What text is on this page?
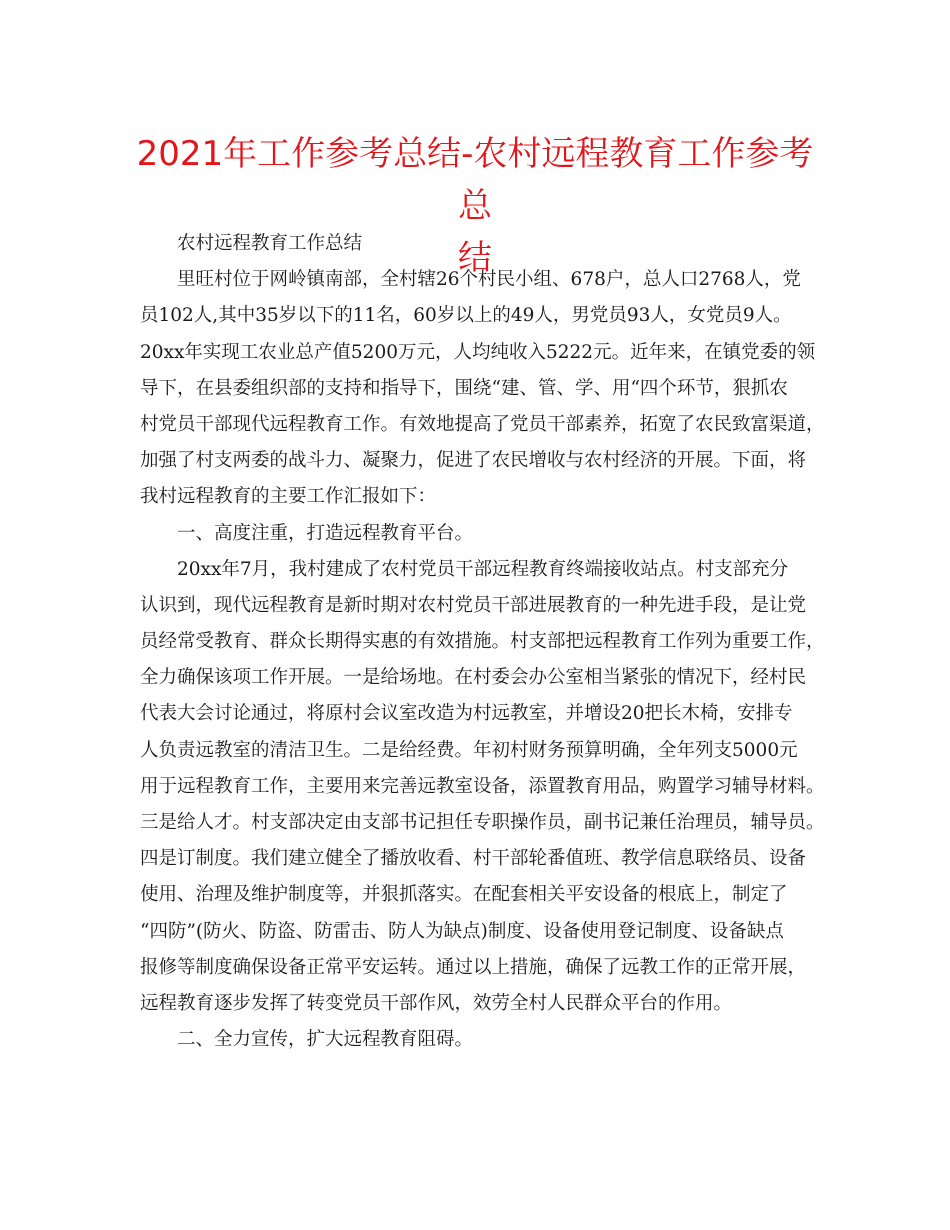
2021年工作参考总结-农村远程教育工作参考总
结
农村远程教育工作总结
里旺村位于网岭镇南部，全村辖26个村民小组、678户，总人口2768人，党
员102人,其中35岁以下的11名，60岁以上的49人，男党员93人，女党员9人。
20xx年实现工农业总产值5200万元，人均纯收入5222元。近年来，在镇党委的领
导下，在县委组织部的支持和指导下，围绕“建、管、学、用“四个环节，狠抓农
村党员干部现代远程教育工作。有效地提高了党员干部素养，拓宽了农民致富渠道，
加强了村支两委的战斗力、凝聚力，促进了农民增收与农村经济的开展。下面，将
我村远程教育的主要工作汇报如下：
一、高度注重，打造远程教育平台。
20xx年7月，我村建成了农村党员干部远程教育终端接收站点。村支部充分
认识到，现代远程教育是新时期对农村党员干部进展教育的一种先进手段，是让党
员经常受教育、群众长期得实惠的有效措施。村支部把远程教育工作列为重要工作，
全力确保该项工作开展。一是给场地。在村委会办公室相当紧张的情况下，经村民
代表大会讨论通过，将原村会议室改造为村远教室，并增设20把长木椅，安排专
人负责远教室的清洁卫生。二是给经费。年初村财务预算明确，全年列支5000元
用于远程教育工作，主要用来完善远教室设备，添置教育用品，购置学习辅导材料。
三是给人才。村支部决定由支部书记担任专职操作员，副书记兼任治理员，辅导员。
四是订制度。我们建立健全了播放收看、村干部轮番值班、教学信息联络员、设备
使用、治理及维护制度等，并狠抓落实。在配套相关平安设备的根底上，制定了
“四防”(防火、防盗、防雷击、防人为缺点)制度、设备使用登记制度、设备缺点
报修等制度确保设备正常平安运转。通过以上措施，确保了远教工作的正常开展，
远程教育逐步发挥了转变党员干部作风，效劳全村人民群众平台的作用。
二、全力宣传，扩大远程教育阻碍。
